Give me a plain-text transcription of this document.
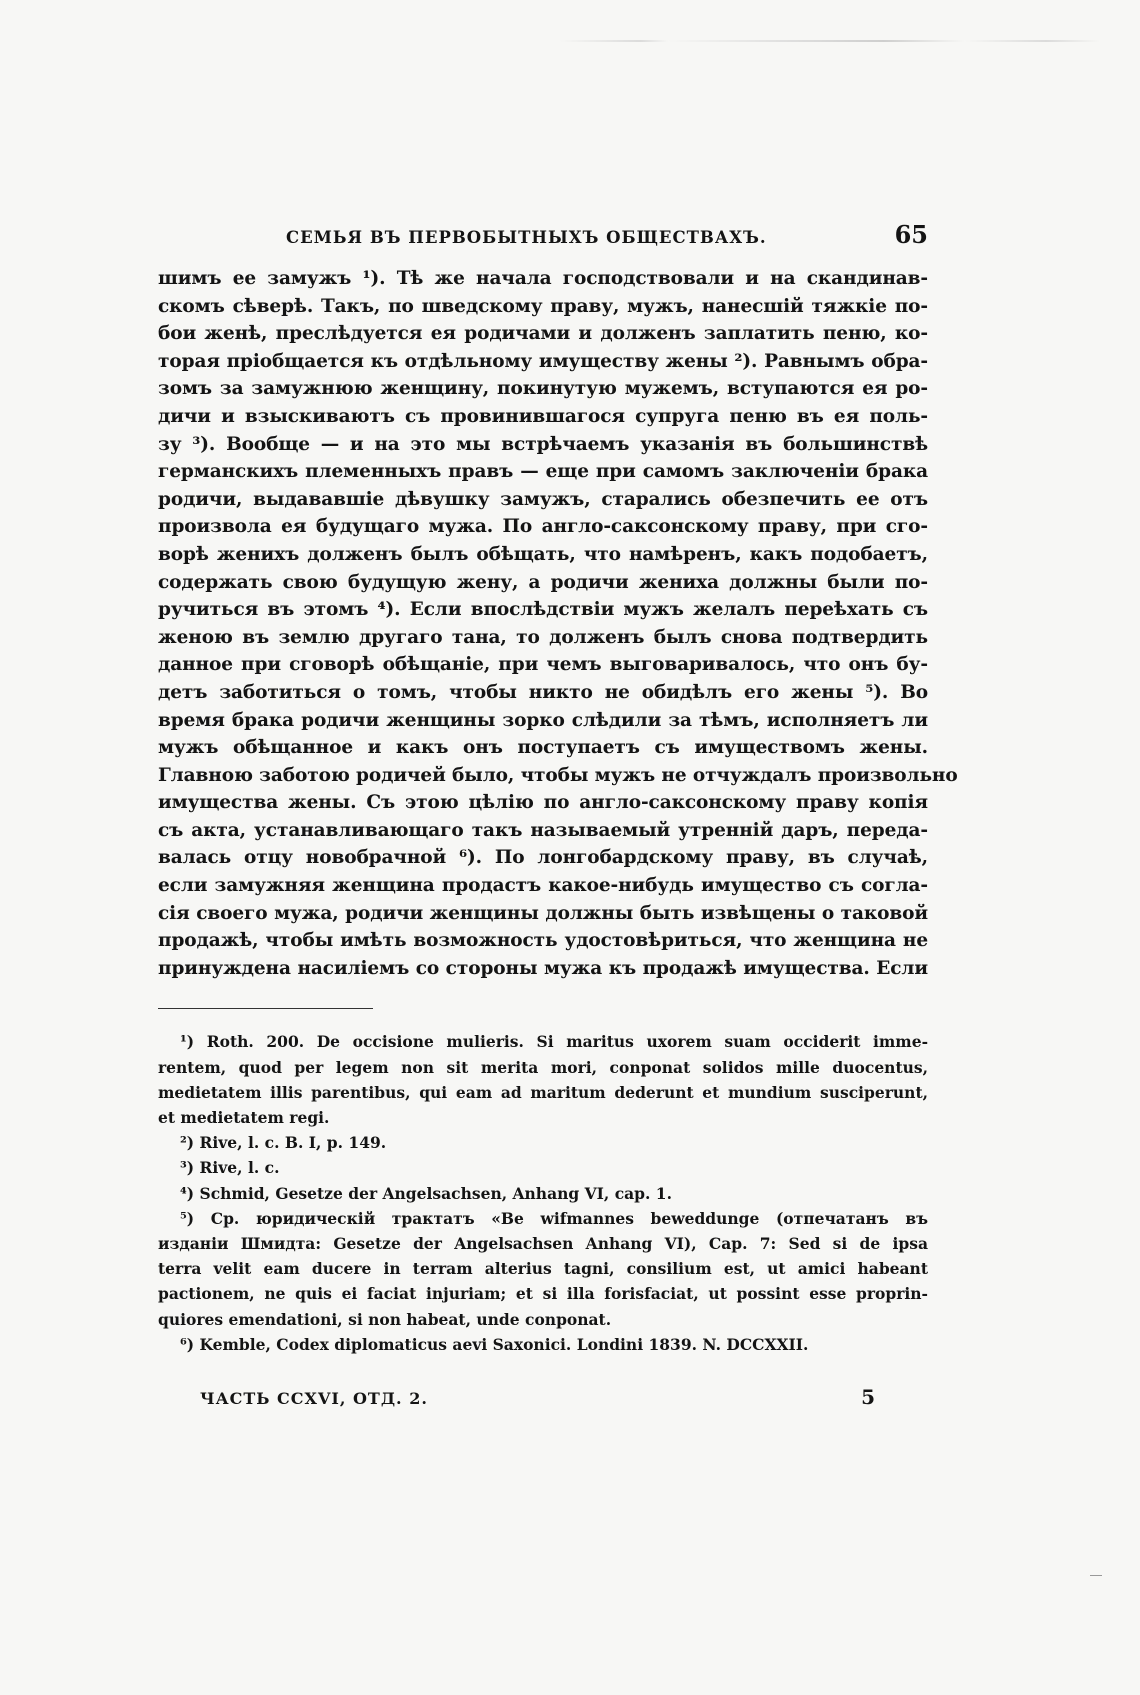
СЕМЬЯ ВЪ ПЕРВОБЫТНЫХЪ ОБЩЕСТВАХЪ.	65

шимъ ее замужъ ¹). Тѣ же начала господствовали и на скандинав-

скомъ сѣверѣ. Такъ, по шведскому праву, мужъ, нанесшій тяжкіе по-

бои женѣ, преслѣдуется ея родичами и долженъ заплатить пеню, ко-

торая пріобщается къ отдѣльному имуществу жены ²). Равнымъ обра-

зомъ за замужнюю женщину, покинутую мужемъ, вступаются ея ро-

дичи и взыскиваютъ съ провинившагося супруга пеню въ ея поль-

зу ³). Вообще — и на это мы встрѣчаемъ указанія въ большинствѣ

германскихъ племенныхъ правъ — еще при самомъ заключеніи брака

родичи, выдававшіе дѣвушку замужъ, старались обезпечить ее отъ

произвола ея будущаго мужа. По англо-саксонскому праву, при сго-

ворѣ женихъ долженъ былъ обѣщать, что намѣренъ, какъ подобаетъ,

содержать свою будущую жену, а родичи жениха должны были по-

ручиться въ этомъ ⁴). Если впослѣдствіи мужъ желалъ переѣхать съ

женою въ землю другаго тана, то долженъ былъ снова подтвердить

данное при сговорѣ обѣщаніе, при чемъ выговаривалось, что онъ бу-

детъ заботиться о томъ, чтобы никто не обидѣлъ его жены ⁵). Во

время брака родичи женщины зорко слѣдили за тѣмъ, исполняетъ ли

мужъ обѣщанное и какъ онъ поступаетъ съ имуществомъ жены.

Главною заботою родичей было, чтобы мужъ не отчуждалъ произвольно

имущества жены. Съ этою цѣлію по англо-саксонскому праву копія

съ акта, устанавливающаго такъ называемый утренній даръ, переда-

валась отцу новобрачной ⁶). По лонгобардскому праву, въ случаѣ,

если замужняя женщина продастъ какое-нибудь имущество съ согла-

сія своего мужа, родичи женщины должны быть извѣщены о таковой

продажѣ, чтобы имѣть возможность удостовѣриться, что женщина не

принуждена насиліемъ со стороны мужа къ продажѣ имущества. Если

¹) Roth. 200. De occisione mulieris. Si maritus uxorem suam occiderit imme-
rentem, quod per legem non sit merita mori, conponat solidos mille duocentus,
medietatem illis parentibus, qui eam ad maritum dederunt et mundium susciperunt,
et medietatem regi.
²) Rive, l. c. B. I, p. 149.
³) Rive, l. c.
⁴) Schmid, Gesetze der Angelsachsen, Anhang VI, cap. 1.
⁵) Ср. юридическій трактатъ «Be wifmannes beweddunge (отпечатанъ въ
изданіи Шмидта: Gesetze der Angelsachsen Anhang VI), Cap. 7: Sed si de ipsa
terra velit eam ducere in terram alterius tagni, consilium est, ut amici habeant
pactionem, ne quis ei faciat injuriam; et si illa forisfaciat, ut possint esse proprin-
quiores emendationi, si non habeat, unde conponat.
⁶) Kemble, Codex diplomaticus aevi Saxonici. Londini 1839. N. DCCXXII.
ЧАСТЬ CCXVI, ОТД. 2.	5
